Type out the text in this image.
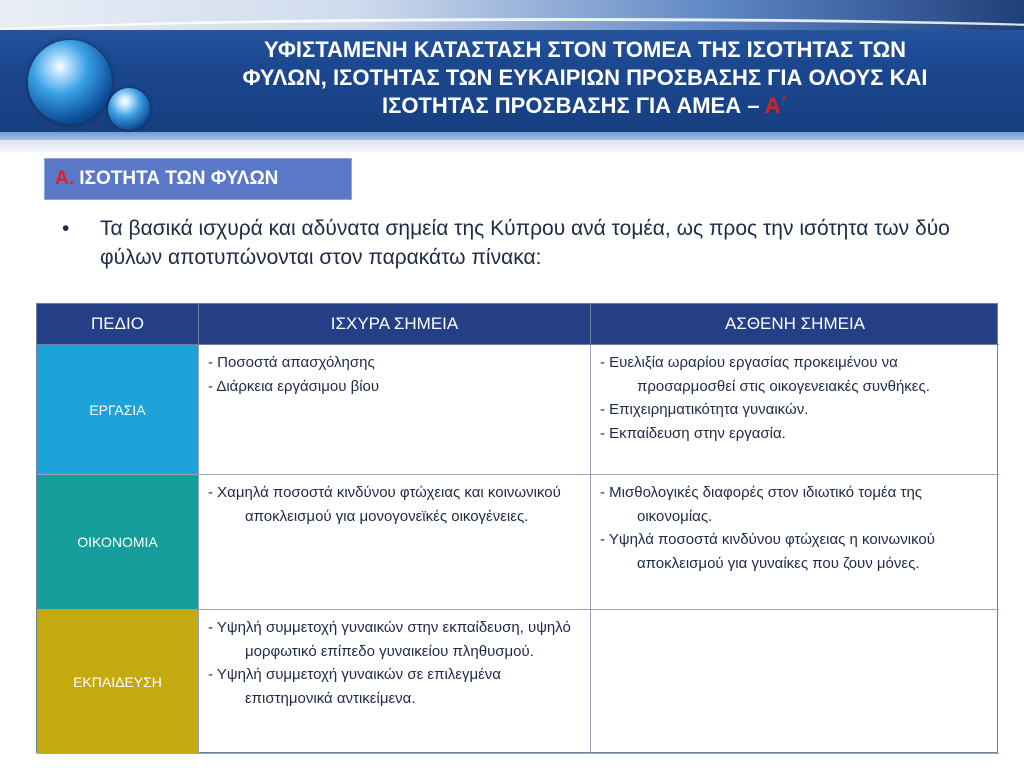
ΥΦΙΣΤΑΜΕΝΗ ΚΑΤΑΣΤΑΣΗ ΣΤΟΝ ΤΟΜΕΑ ΤΗΣ ΙΣΟΤΗΤΑΣ ΤΩΝ
ΦΥΛΩΝ, ΙΣΟΤΗΤΑΣ ΤΩΝ ΕΥΚΑΙΡΙΩΝ ΠΡΟΣΒΑΣΗΣ ΓΙΑ ΟΛΟΥΣ ΚΑΙ
ΙΣΟΤΗΤΑΣ ΠΡΟΣΒΑΣΗΣ ΓΙΑ ΑΜΕΑ – Α΄
Α. ΙΣΟΤΗΤΑ ΤΩΝ ΦΥΛΩΝ
• Τα βασικά ισχυρά και αδύνατα σημεία της Κύπρου ανά τομέα, ως προς την ισότητα των δύο φύλων αποτυπώνονται στον παρακάτω πίνακα:
ΠΕΔΙΟ	ΙΣΧΥΡΑ ΣΗΜΕΙΑ	ΑΣΘΕΝΗ ΣΗΜΕΙΑ
ΕΡΓΑΣΙΑ
- Ποσοστά απασχόλησης
- Διάρκεια εργάσιμου βίου
- Ευελιξία ωραρίου εργασίας προκειμένου να προσαρμοσθεί στις οικογενειακές συνθήκες.
- Επιχειρηματικότητα γυναικών.
- Εκπαίδευση στην εργασία.
ΟΙΚΟΝΟΜΙΑ
- Χαμηλά ποσοστά κινδύνου φτώχειας και κοινωνικού αποκλεισμού για μονογονεϊκές οικογένειες.
- Μισθολογικές διαφορές στον ιδιωτικό τομέα της οικονομίας.
- Υψηλά ποσοστά κινδύνου φτώχειας η κοινωνικού αποκλεισμού για γυναίκες που ζουν μόνες.
ΕΚΠΑΙΔΕΥΣΗ
- Υψηλή συμμετοχή γυναικών στην εκπαίδευση, υψηλό μορφωτικό επίπεδο γυναικείου πληθυσμού.
- Υψηλή συμμετοχή γυναικών σε επιλεγμένα επιστημονικά αντικείμενα.
